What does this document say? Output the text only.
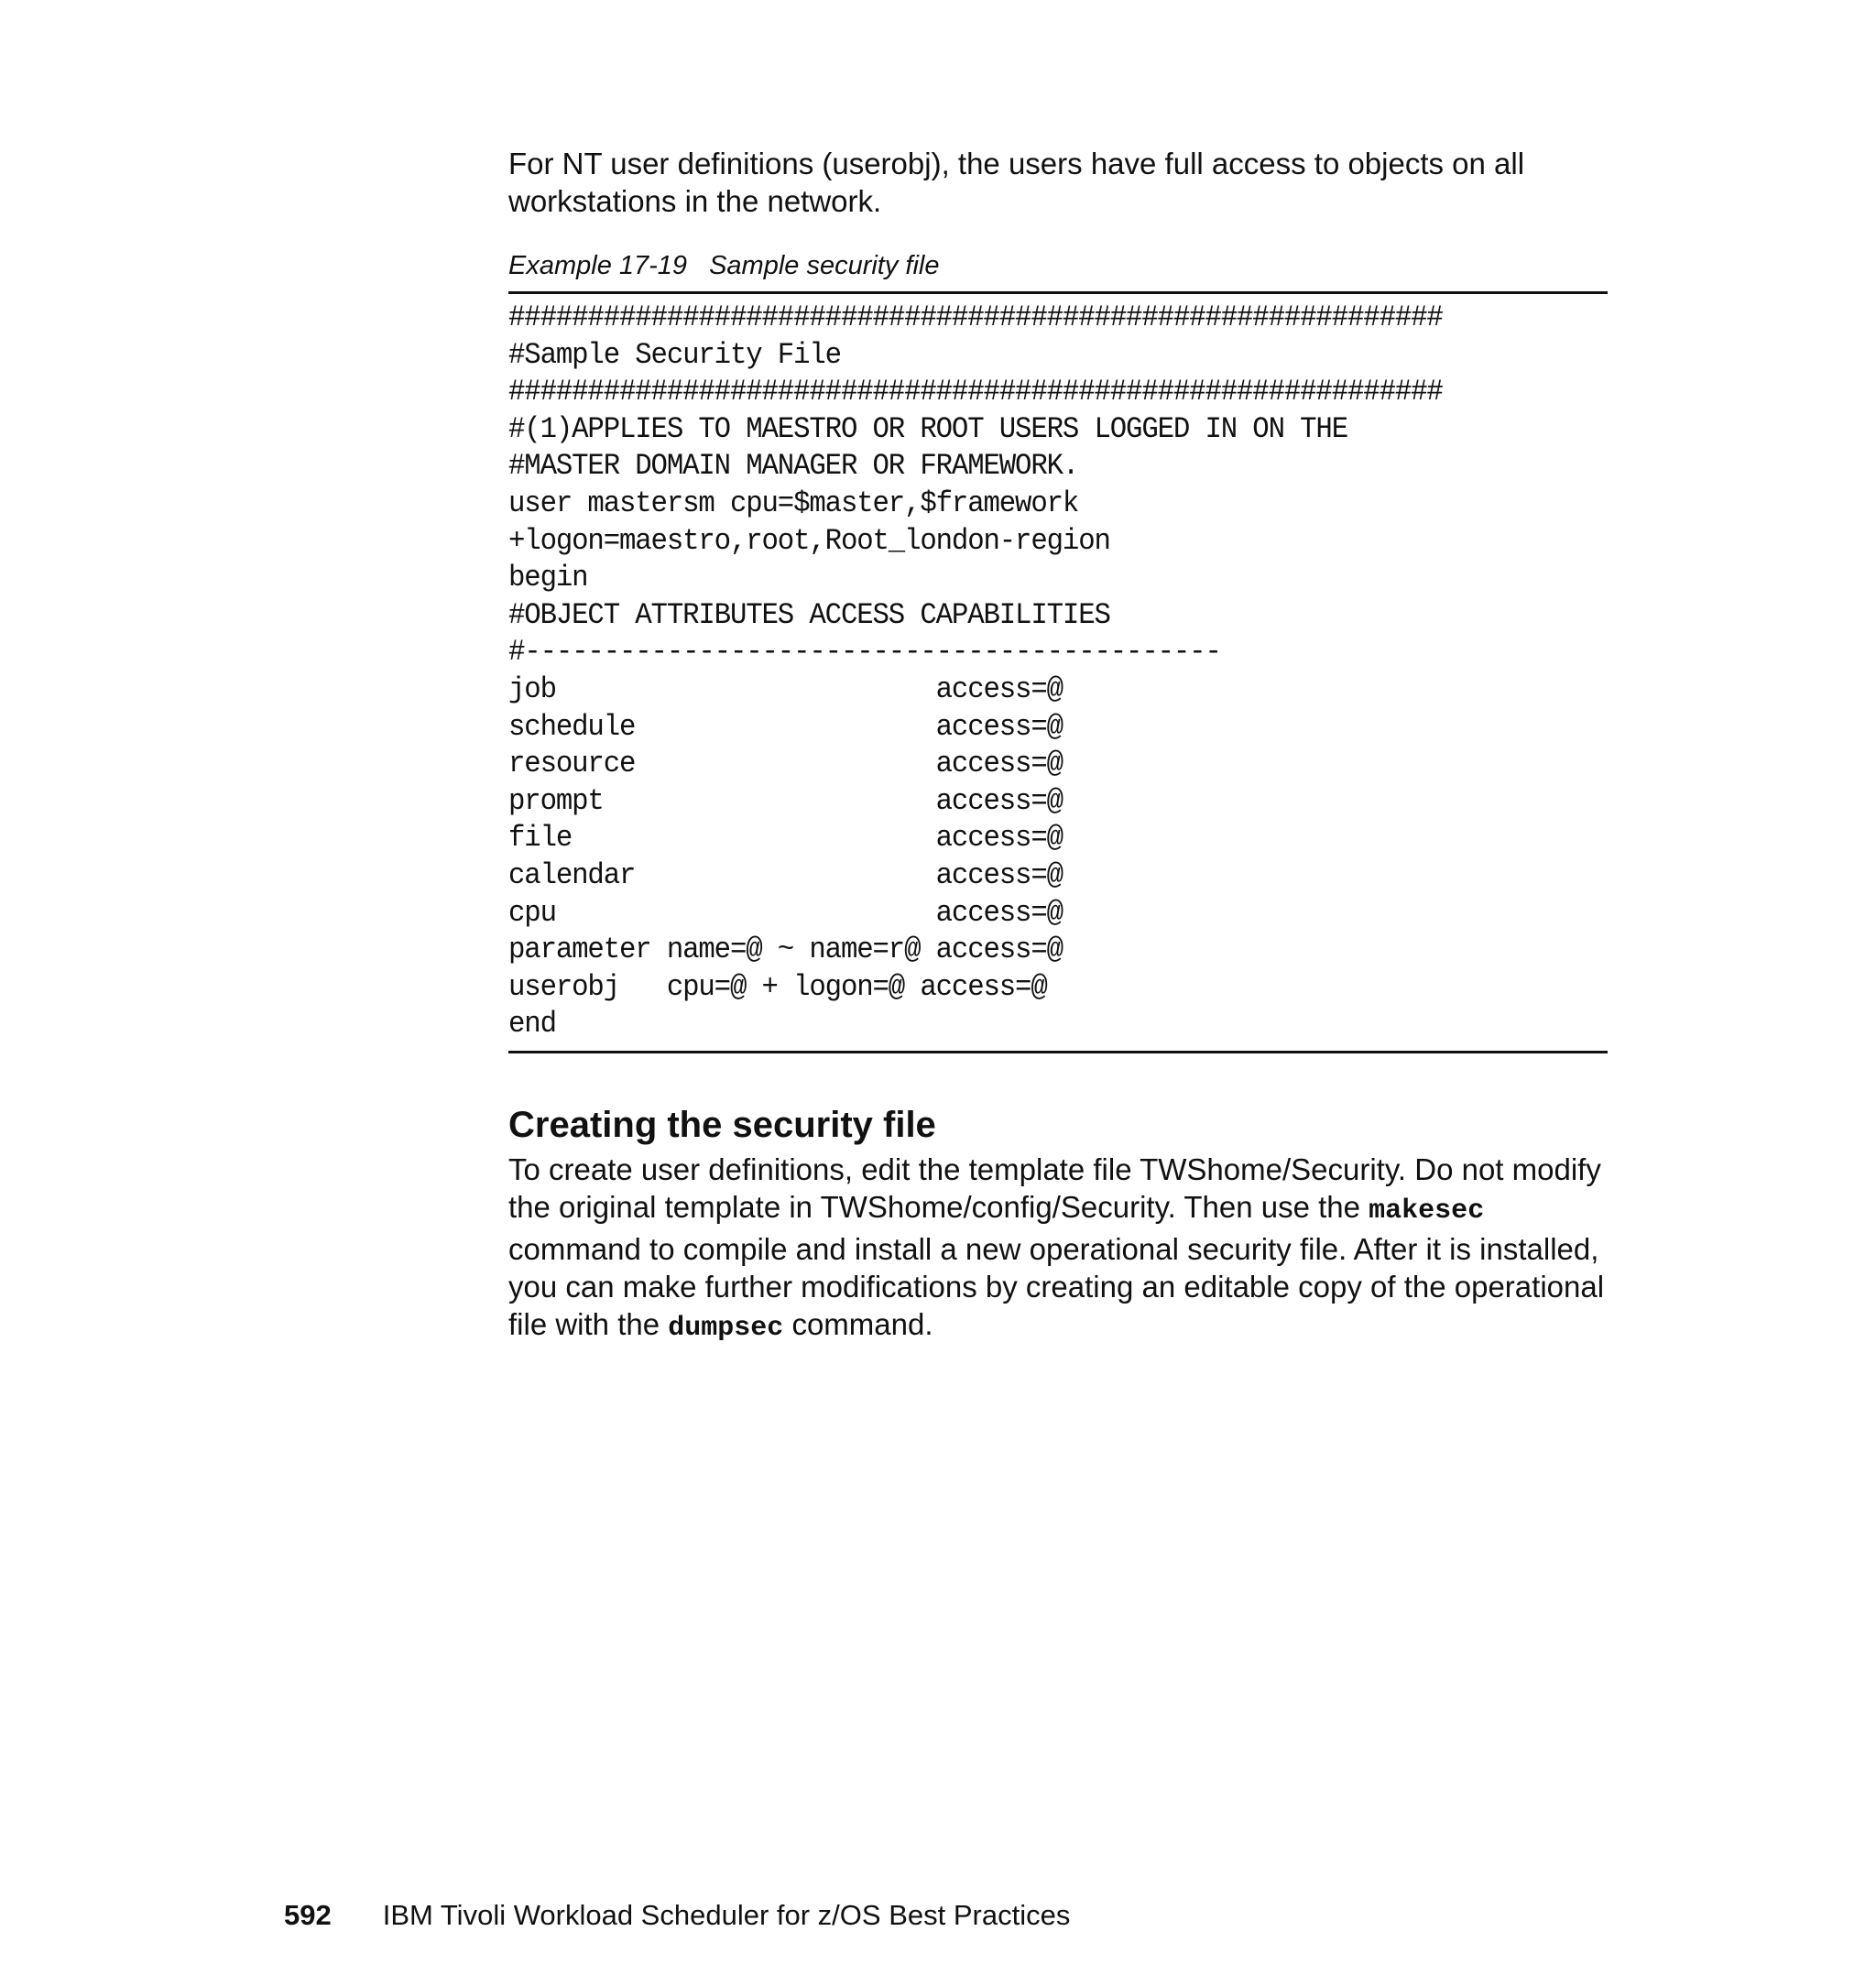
For NT user definitions (userobj), the users have full access to objects on all workstations in the network.

Example 17-19 Sample security file
###########################################################
#Sample Security File
###########################################################
#(1)APPLIES TO MAESTRO OR ROOT USERS LOGGED IN ON THE
#MASTER DOMAIN MANAGER OR FRAMEWORK.
user mastersm cpu=$master,$framework
+logon=maestro,root,Root_london-region
begin
#OBJECT ATTRIBUTES ACCESS CAPABILITIES
#--------------------------------------------
job                        access=@
schedule                   access=@
resource                   access=@
prompt                     access=@
file                       access=@
calendar                   access=@
cpu                        access=@
parameter name=@ ~ name=r@ access=@
userobj   cpu=@ + logon=@ access=@
end
Creating the security file

To create user definitions, edit the template file TWShome/Security. Do not modify the original template in TWShome/config/Security. Then use the makesec command to compile and install a new operational security file. After it is installed, you can make further modifications by creating an editable copy of the operational file with the dumpsec command.

592 IBM Tivoli Workload Scheduler for z/OS Best Practices
